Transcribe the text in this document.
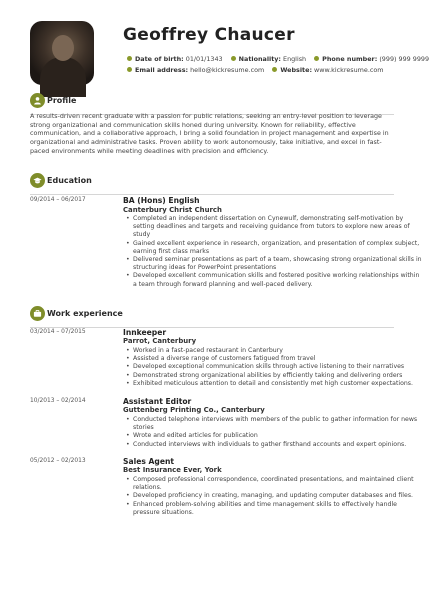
Geoffrey Chaucer
Date of birth: 01/01/1343	Nationality: English	Phone number: (999) 999 9999
Email address: hello@kickresume.com	Website: www.kickresume.com
Profile
A results-driven recent graduate with a passion for public relations, seeking an entry-level position to leverage strong organizational and communication skills honed during university. Known for reliability, effective communication, and a collaborative approach, I bring a solid foundation in project management and expertise in organizational and administrative tasks. Proven ability to work autonomously, take initiative, and excel in fast-paced environments while meeting deadlines with precision and efficiency.
Education
09/2014 – 06/2017	BA (Hons) English
Canterbury Christ Church
• Completed an independent dissertation on Cynewulf, demonstrating self-motivation by setting deadlines and targets and receiving guidance from tutors to explore new areas of study
• Gained excellent experience in research, organization, and presentation of complex subject, earning first class marks
• Delivered seminar presentations as part of a team, showcasing strong organizational skills in structuring ideas for PowerPoint presentations
• Developed excellent communication skills and fostered positive working relationships within a team through forward planning and well-paced delivery.
Work experience
03/2014 – 07/2015	Innkeeper
Parrot, Canterbury
• Worked in a fast-paced restaurant in Canterbury
• Assisted a diverse range of customers fatigued from travel
• Developed exceptional communication skills through active listening to their narratives
• Demonstrated strong organizational abilities by efficiently taking and delivering orders
• Exhibited meticulous attention to detail and consistently met high customer expectations.
10/2013 – 02/2014	Assistant Editor
Guttenberg Printing Co., Canterbury
• Conducted telephone interviews with members of the public to gather information for news stories
• Wrote and edited articles for publication
• Conducted interviews with individuals to gather firsthand accounts and expert opinions.
05/2012 – 02/2013	Sales Agent
Best Insurance Ever, York
• Composed professional correspondence, coordinated presentations, and maintained client relations.
• Developed proficiency in creating, managing, and updating computer databases and files.
• Enhanced problem-solving abilities and time management skills to effectively handle pressure situations.
